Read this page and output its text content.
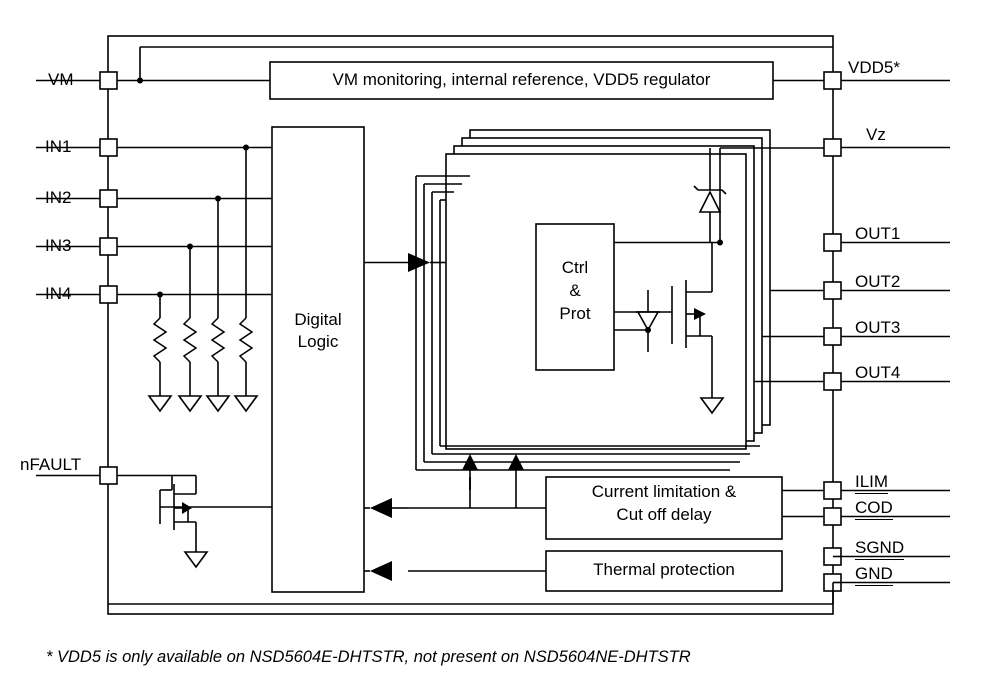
VM
IN1
IN2
IN3
IN4
nFAULT
VDD5*
Vz
OUT1
OUT2
OUT3
OUT4
ILIM
COD
SGND
GND
VM monitoring, internal reference, VDD5 regulator
Digital
Logic
Ctrl
&
Prot
Current limitation &
Cut off delay
Thermal protection
* VDD5 is only available on NSD5604E-DHTSTR, not present on NSD5604NE-DHTSTR
